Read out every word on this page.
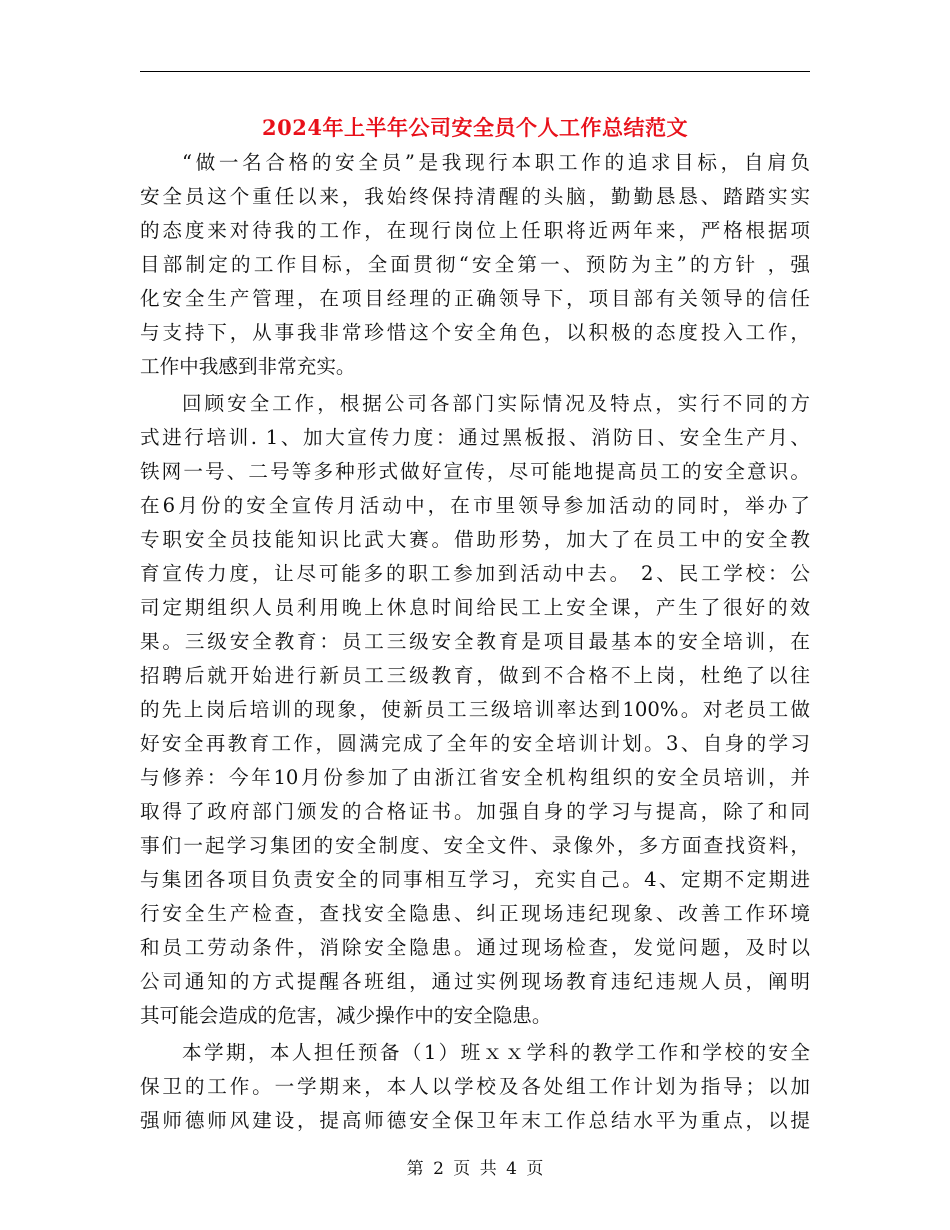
2024年上半年公司安全员个人工作总结范文
“做一名合格的安全员”是我现行本职工作的追求目标，自肩负
安全员这个重任以来，我始终保持清醒的头脑，勤勤恳恳、踏踏实实
的态度来对待我的工作，在现行岗位上任职将近两年来，严格根据项
目部制定的工作目标，全面贯彻“安全第一、预防为主”的方针 ，强
化安全生产管理，在项目经理的正确领导下，项目部有关领导的信任
与支持下，从事我非常珍惜这个安全角色，以积极的态度投入工作，
工作中我感到非常充实。
回顾安全工作，根据公司各部门实际情况及特点，实行不同的方
式进行培训. 1、加大宣传力度：通过黑板报、消防日、安全生产月、
铁网一号、二号等多种形式做好宣传，尽可能地提高员工的安全意识。
在6月份的安全宣传月活动中，在市里领导参加活动的同时，举办了
专职安全员技能知识比武大赛。借助形势，加大了在员工中的安全教
育宣传力度，让尽可能多的职工参加到活动中去。 2、民工学校：公
司定期组织人员利用晚上休息时间给民工上安全课，产生了很好的效
果。三级安全教育：员工三级安全教育是项目最基本的安全培训，在
招聘后就开始进行新员工三级教育，做到不合格不上岗，杜绝了以往
的先上岗后培训的现象，使新员工三级培训率达到100%。对老员工做
好安全再教育工作，圆满完成了全年的安全培训计划。3、自身的学习
与修养：今年10月份参加了由浙江省安全机构组织的安全员培训，并
取得了政府部门颁发的合格证书。加强自身的学习与提高，除了和同
事们一起学习集团的安全制度、安全文件、录像外，多方面查找资料，
与集团各项目负责安全的同事相互学习，充实自己。4、定期不定期进
行安全生产检查，查找安全隐患、纠正现场违纪现象、改善工作环境
和员工劳动条件，消除安全隐患。通过现场检查，发觉问题，及时以
公司通知的方式提醒各班组，通过实例现场教育违纪违规人员，阐明
其可能会造成的危害，减少操作中的安全隐患。
本学期，本人担任预备（1）班ｘｘ学科的教学工作和学校的安全
保卫的工作。一学期来，本人以学校及各处组工作计划为指导；以加
强师德师风建设，提高师德安全保卫年末工作总结水平为重点，以提
第 2 页 共 4 页
